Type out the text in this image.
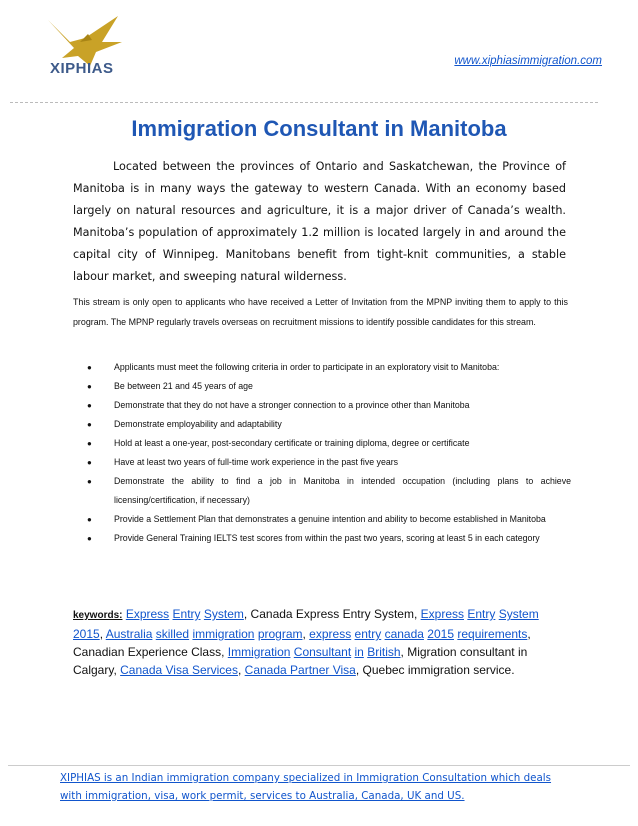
XIPHIAS	www.xiphiasimmigration.com
Immigration Consultant in Manitoba

Located between the provinces of Ontario and Saskatchewan, the Province of Manitoba is in many ways the gateway to western Canada. With an economy based largely on natural resources and agriculture, it is a major driver of Canada’s wealth. Manitoba’s population of approximately 1.2 million is located largely in and around the capital city of Winnipeg. Manitobans benefit from tight-knit communities, a stable labour market, and sweeping natural wilderness.

This stream is only open to applicants who have received a Letter of Invitation from the MPNP inviting them to apply to this program. The MPNP regularly travels overseas on recruitment missions to identify possible candidates for this stream.

●	Applicants must meet the following criteria in order to participate in an exploratory visit to Manitoba:
●	Be between 21 and 45 years of age
●	Demonstrate that they do not have a stronger connection to a province other than Manitoba
●	Demonstrate employability and adaptability
●	Hold at least a one-year, post-secondary certificate or training diploma, degree or certificate
●	Have at least two years of full-time work experience in the past five years
●	Demonstrate the ability to find a job in Manitoba in intended occupation (including plans to achieve licensing/certification, if necessary)
●	Provide a Settlement Plan that demonstrates a genuine intention and ability to become established in Manitoba
●	Provide General Training IELTS test scores from within the past two years, scoring at least 5 in each category

keywords: Express Entry System, Canada Express Entry System, Express Entry System 2015, Australia skilled immigration program, express entry canada 2015 requirements, Canadian Experience Class, Immigration Consultant in British, Migration consultant in Calgary, Canada Visa Services, Canada Partner Visa, Quebec immigration service.

XIPHIAS is an Indian immigration company specialized in Immigration Consultation which deals with immigration, visa, work permit, services to Australia, Canada, UK and US.
